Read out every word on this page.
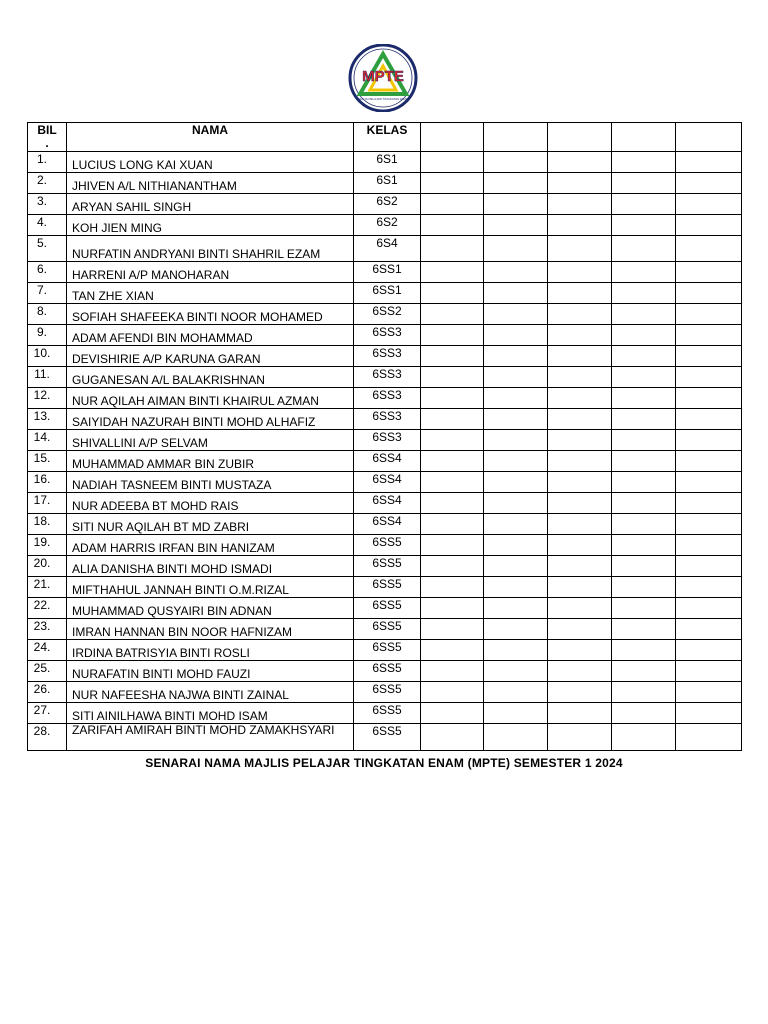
MPTE
MAJLIS PELAJAR TINGKATAN ENAM
BIL
.	NAMA	KELAS					

1.	LUCIUS LONG KAI XUAN	6S1					
2.	JHIVEN A/L NITHIANANTHAM	6S1					
3.	ARYAN SAHIL SINGH	6S2					
4.	KOH JIEN MING	6S2					
5.	NURFATIN ANDRYANI BINTI SHAHRIL EZAM	6S4					
6.	HARRENI A/P MANOHARAN	6SS1					
7.	TAN ZHE XIAN	6SS1					
8.	SOFIAH SHAFEEKA BINTI NOOR MOHAMED	6SS2					
9.	ADAM AFENDI BIN MOHAMMAD	6SS3					
10.	DEVISHIRIE A/P KARUNA GARAN	6SS3					
11.	GUGANESAN A/L BALAKRISHNAN	6SS3					
12.	NUR AQILAH AIMAN BINTI KHAIRUL AZMAN	6SS3					
13.	SAIYIDAH NAZURAH BINTI MOHD ALHAFIZ	6SS3					
14.	SHIVALLINI A/P SELVAM	6SS3					
15.	MUHAMMAD AMMAR BIN ZUBIR	6SS4					
16.	NADIAH TASNEEM BINTI MUSTAZA	6SS4					
17.	NUR ADEEBA BT MOHD RAIS	6SS4					
18.	SITI NUR AQILAH BT MD ZABRI	6SS4					
19.	ADAM HARRIS IRFAN BIN HANIZAM	6SS5					
20.	ALIA DANISHA BINTI MOHD ISMADI	6SS5					
21.	MIFTHAHUL JANNAH BINTI O.M.RIZAL	6SS5					
22.	MUHAMMAD QUSYAIRI BIN ADNAN	6SS5					
23.	IMRAN HANNAN BIN NOOR HAFNIZAM	6SS5					
24.	IRDINA BATRISYIA BINTI ROSLI	6SS5					
25.	NURAFATIN BINTI MOHD FAUZI	6SS5					
26.	NUR NAFEESHA NAJWA BINTI ZAINAL	6SS5					
27.	SITI AINILHAWA BINTI MOHD ISAM	6SS5					
28.	ZARIFAH AMIRAH BINTI MOHD ZAMAKHSYARI	6SS5					
SENARAI NAMA MAJLIS PELAJAR TINGKATAN ENAM (MPTE) SEMESTER 1 2024
